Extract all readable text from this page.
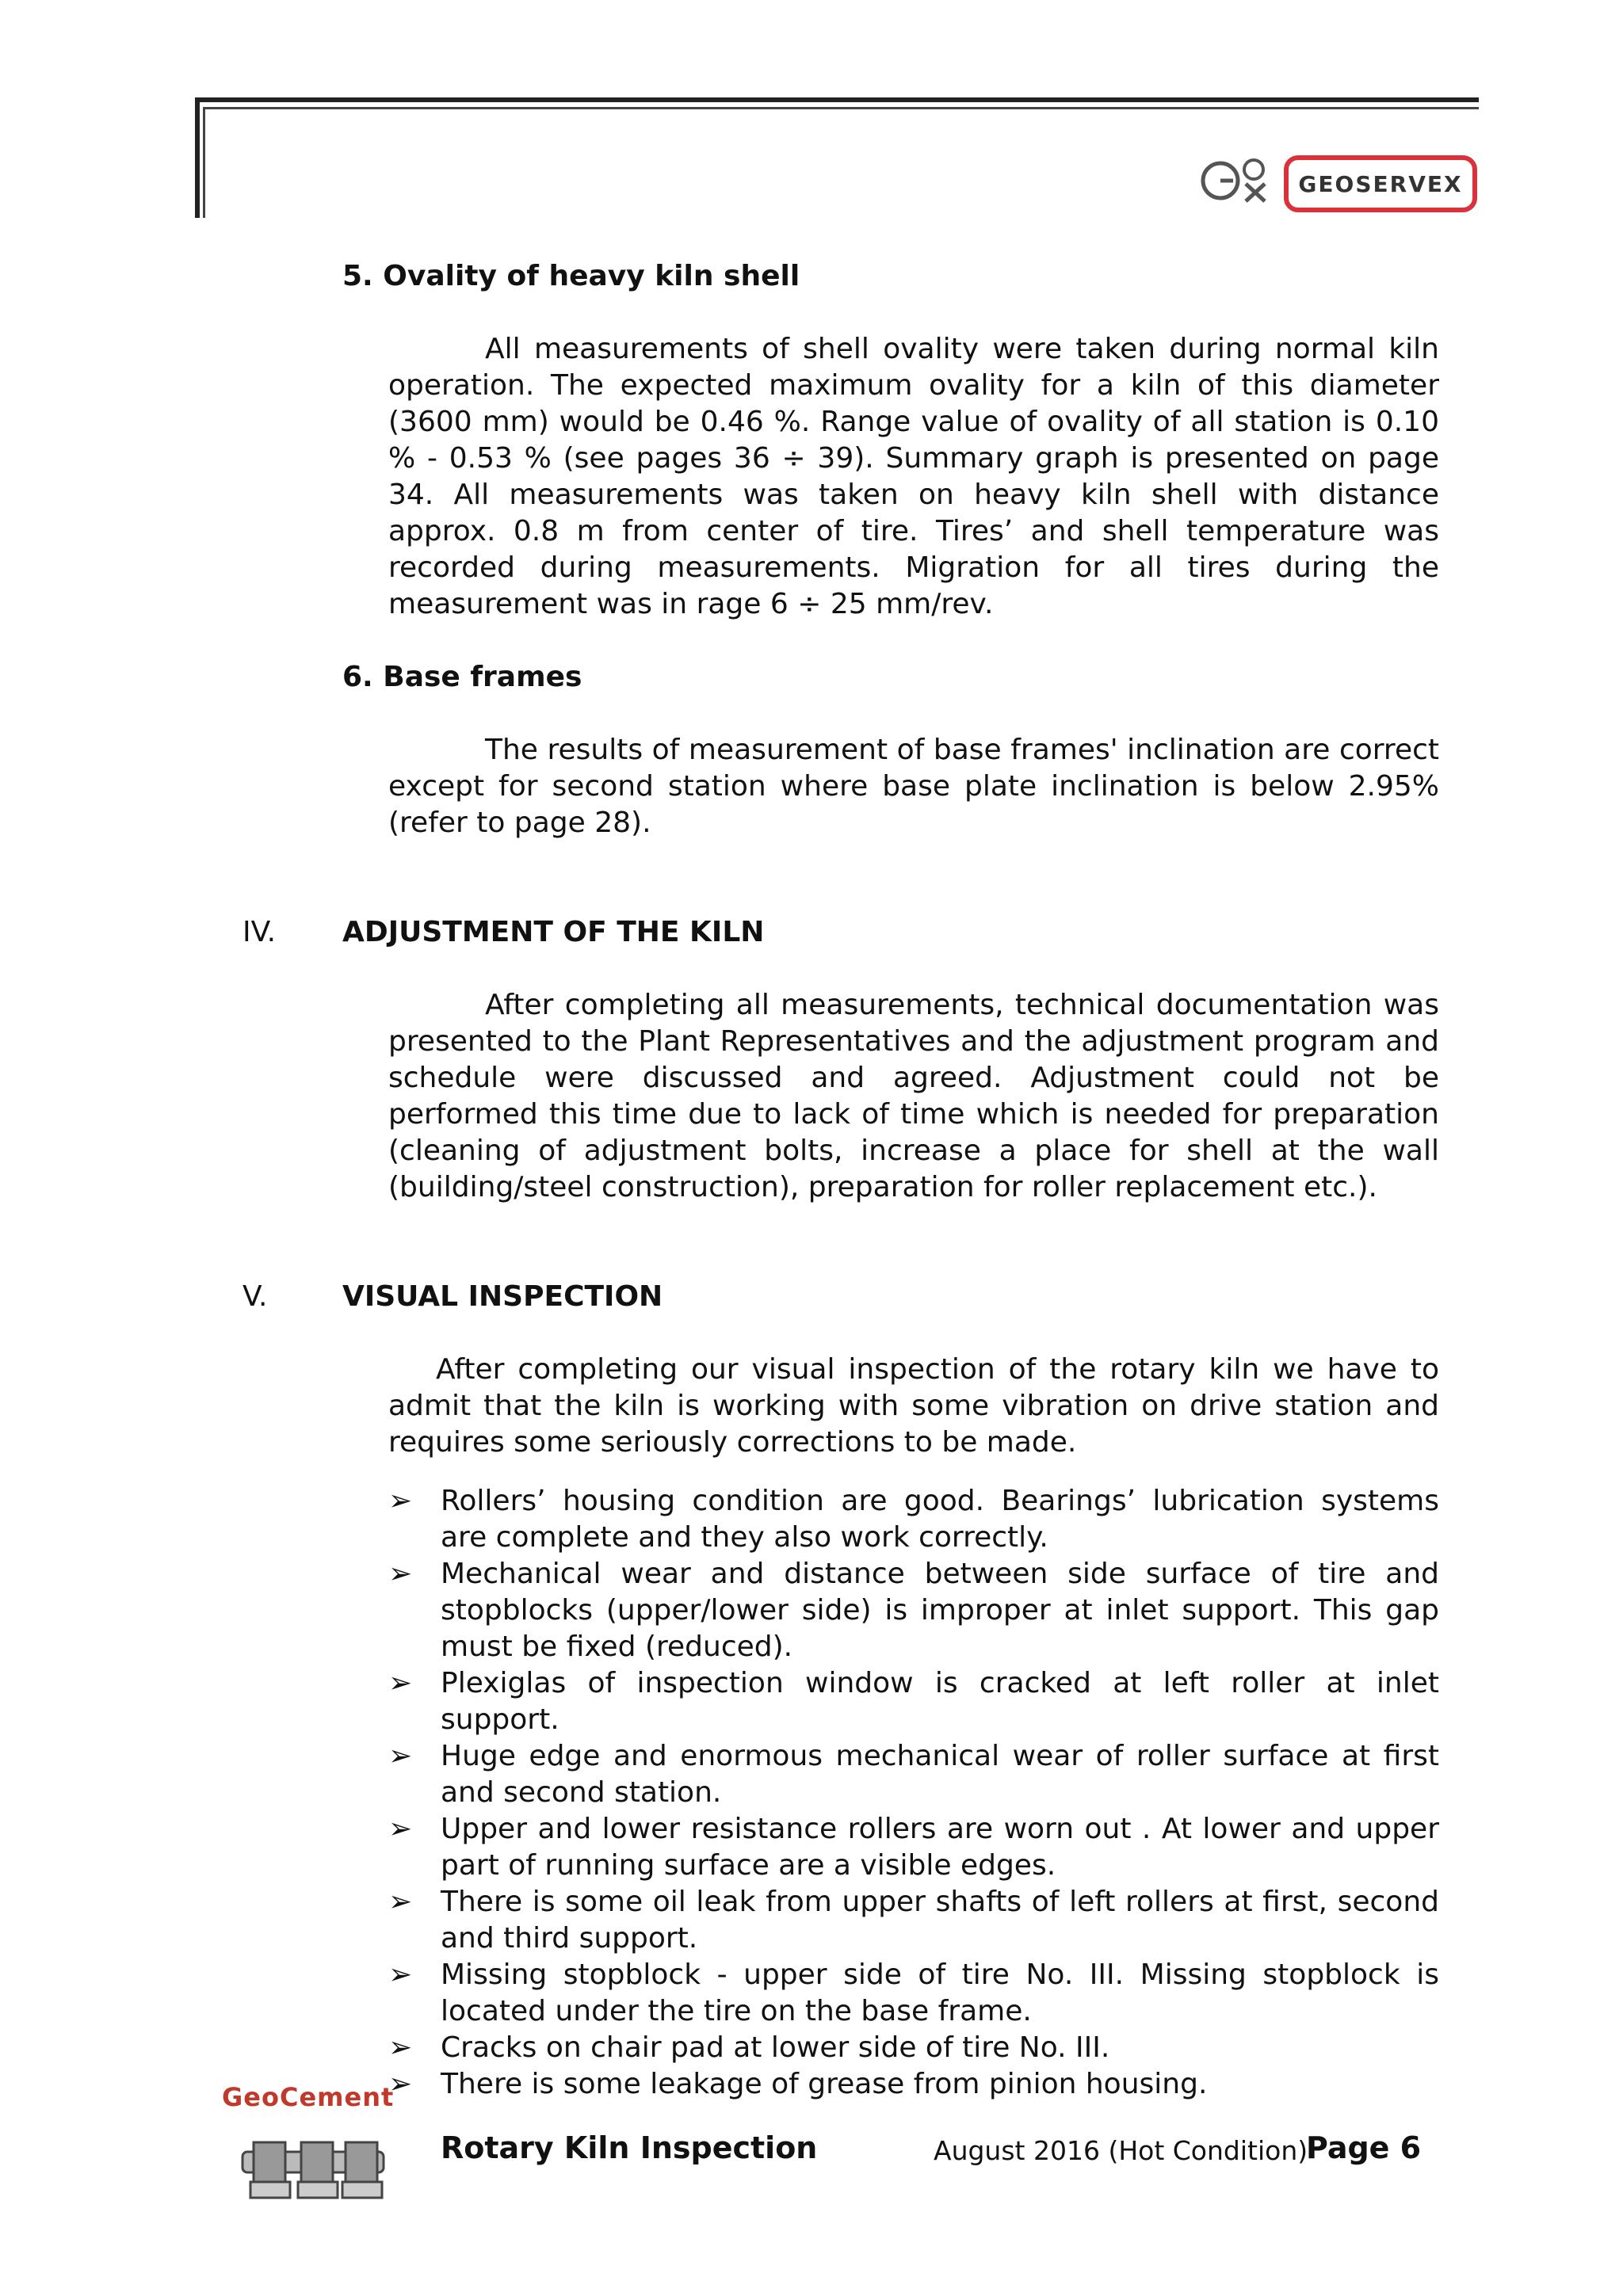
GEOSERVEX
5. Ovality of heavy kiln shell

All measurements of shell ovality were taken during normal kiln operation. The expected maximum ovality for a kiln of this diameter (3600 mm) would be 0.46 %. Range value of ovality of all station is 0.10 % - 0.53 % (see pages 36 ÷ 39). Summary graph is presented on page 34. All measurements was taken on heavy kiln shell with distance approx. 0.8 m from center of tire. Tires’ and shell temperature was recorded during measurements. Migration for all tires during the measurement was in rage 6 ÷ 25 mm/rev.

6. Base frames

The results of measurement of base frames' inclination are correct except for second station where base plate inclination is below 2.95% (refer to page 28).

IV. ADJUSTMENT OF THE KILN

After completing all measurements, technical documentation was presented to the Plant Representatives and the adjustment program and schedule were discussed and agreed. Adjustment could not be performed this time due to lack of time which is needed for preparation (cleaning of adjustment bolts, increase a place for shell at the wall (building/steel construction), preparation for roller replacement etc.).

V.	VISUAL INSPECTION

After completing our visual inspection of the rotary kiln we have to admit that the kiln is working with some vibration on drive station and requires some seriously corrections to be made.

➢ Rollers’ housing condition are good. Bearings’ lubrication systems are complete and they also work correctly.
➢ Mechanical wear and distance between side surface of tire and stopblocks (upper/lower side) is improper at inlet support. This gap must be fixed (reduced).
➢ Plexiglas of inspection window is cracked at left roller at inlet support.
➢ Huge edge and enormous mechanical wear of roller surface at first and second station.
➢ Upper and lower resistance rollers are worn out . At lower and upper part of running surface are a visible edges.
➢ There is some oil leak from upper shafts of left rollers at first, second and third support.
➢ Missing stopblock - upper side of tire No. III. Missing stopblock is located under the tire on the base frame.
➢ Cracks on chair pad at lower side of tire No. III.
➢ There is some leakage of grease from pinion housing.
GeoCement
Rotary Kiln Inspection	August 2016 (Hot Condition)
Page 6
